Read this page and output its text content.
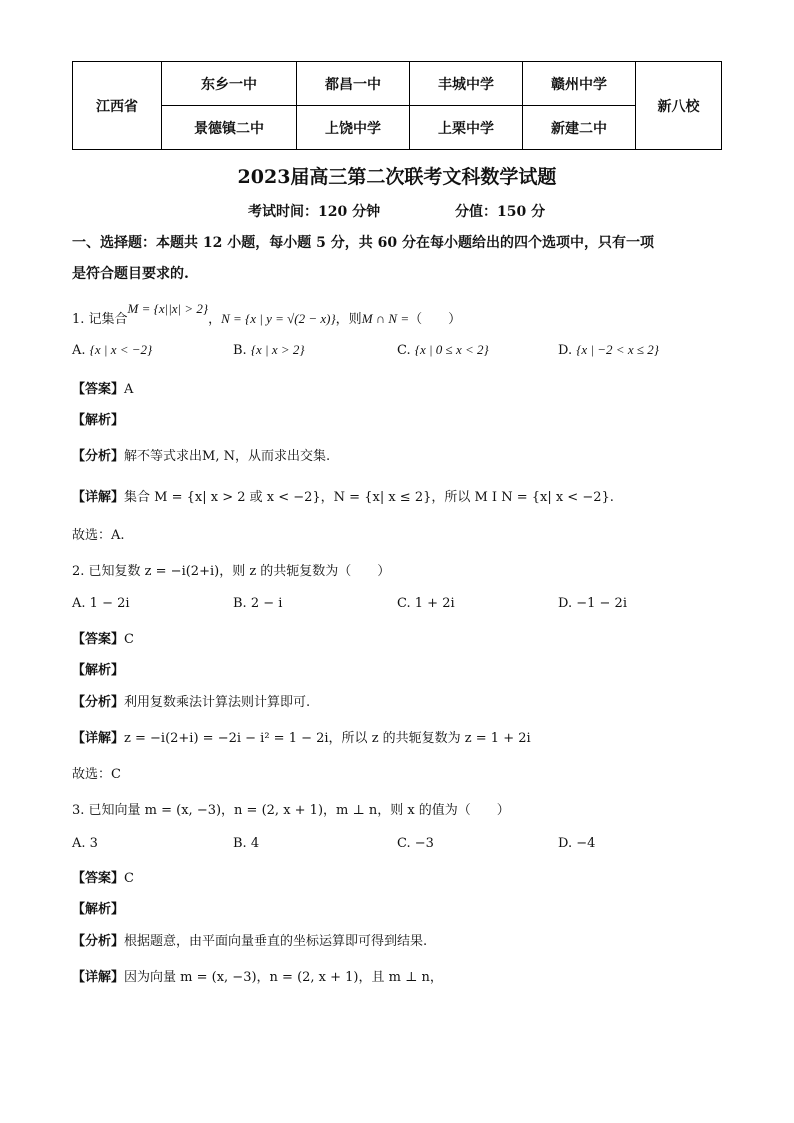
江西省	东乡一中	都昌一中	丰城中学	赣州中学	新八校
	景德镇二中	上饶中学	上栗中学	新建二中	
2023届高三第二次联考文科数学试题
考试时间：120 分钟	分值：150 分
一、选择题：本题共 12 小题，每小题 5 分，共 60 分在每小题给出的四个选项中，只有一项
是符合题目要求的.
1. 记集合M = {x||x| > 2}，N = {x | y = √(2 − x)}，则M ∩ N =（　　）
A. {x | x < −2}	B. {x | x > 2}	C. {x | 0 ≤ x < 2}	D. {x | −2 < x ≤ 2}
【答案】A
【解析】
【分析】解不等式求出M, N，从而求出交集.
【详解】集合 M = {x| x > 2 或 x < −2}，N = {x| x ≤ 2}，所以 M I N = {x| x < −2}.
故选：A.
2. 已知复数 z = −i(2+i)，则 z 的共轭复数为（　　）
A. 1 − 2i	B. 2 − i	C. 1 + 2i	D. −1 − 2i
【答案】C
【解析】
【分析】利用复数乘法计算法则计算即可.
【详解】z = −i(2+i) = −2i − i² = 1 − 2i，所以 z 的共轭复数为 z = 1 + 2i
故选：C
3. 已知向量 m = (x, −3)，n = (2, x + 1)，m ⊥ n，则 x 的值为（　　）
A. 3	B. 4	C. −3	D. −4
【答案】C
【解析】
【分析】根据题意，由平面向量垂直的坐标运算即可得到结果.
【详解】因为向量 m = (x, −3)，n = (2, x + 1)，且 m ⊥ n，
